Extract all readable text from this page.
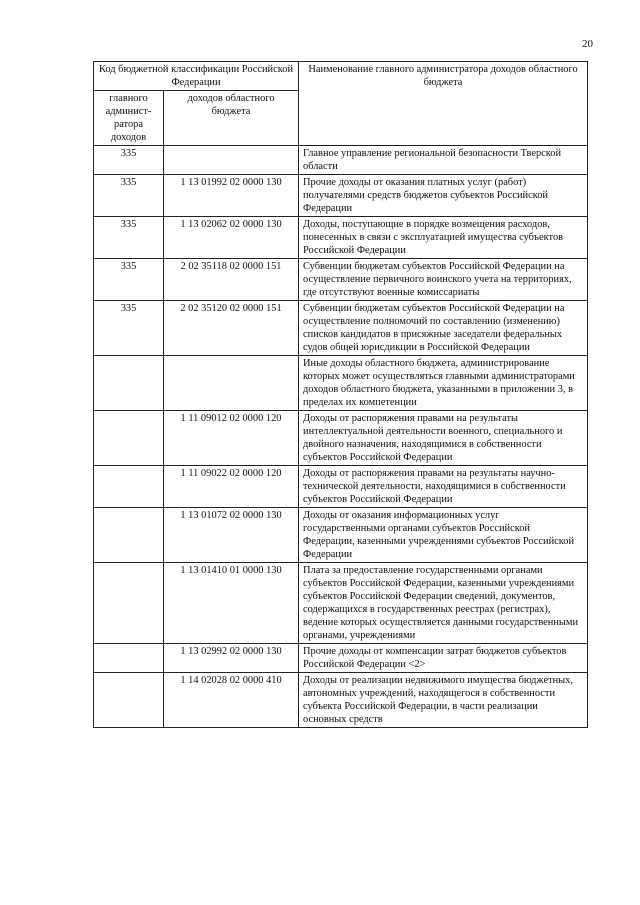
20
Код бюджетной классификации Российской Федерации		Наименование главного администратора доходов областного бюджета
главного админист-ратора доходов	доходов областного бюджета	
335		Главное управление региональной безопасности Тверской области
335	1 13 01992 02 0000 130	Прочие доходы от оказания платных услуг (работ) получателями средств бюджетов субъектов Российской Федерации
335	1 13 02062 02 0000 130	Доходы, поступающие в порядке возмещения расходов, понесенных в связи с эксплуатацией имущества субъектов Российской Федерации
335	2 02 35118 02 0000 151	Субвенции бюджетам субъектов Российской Федерации на осуществление первичного воинского учета на территориях, где отсутствуют военные комиссариаты
335	2 02 35120 02 0000 151	Субвенции бюджетам субъектов Российской Федерации на осуществление полномочий по составлению (изменению) списков кандидатов в присяжные заседатели федеральных судов общей юрисдикции в Российской Федерации
		Иные доходы областного бюджета, администрирование которых может осуществляться главными администраторами доходов областного бюджета, указанными в приложении 3, в пределах их компетенции
	1 11 09012 02 0000 120	Доходы от распоряжения правами на результаты интеллектуальной деятельности военного, специального и двойного назначения, находящимися в собственности субъектов Российской Федерации
	1 11 09022 02 0000 120	Доходы от распоряжения правами на результаты научно-технической деятельности, находящимися в собственности субъектов Российской Федерации
	1 13 01072 02 0000 130	Доходы от оказания информационных услуг государственными органами субъектов Российской Федерации, казенными учреждениями субъектов Российской Федерации
	1 13 01410 01 0000 130	Плата за предоставление государственными органами субъектов Российской Федерации, казенными учреждениями субъектов Российской Федерации сведений, документов, содержащихся в государственных реестрах (регистрах), ведение которых осуществляется данными государственными органами, учреждениями
	1 13 02992 02 0000 130	Прочие доходы от компенсации затрат бюджетов субъектов Российской Федерации <2>
	1 14 02028 02 0000 410	Доходы от реализации недвижимого имущества бюджетных, автономных учреждений, находящегося в собственности субъекта Российской Федерации, в части реализации основных средств
